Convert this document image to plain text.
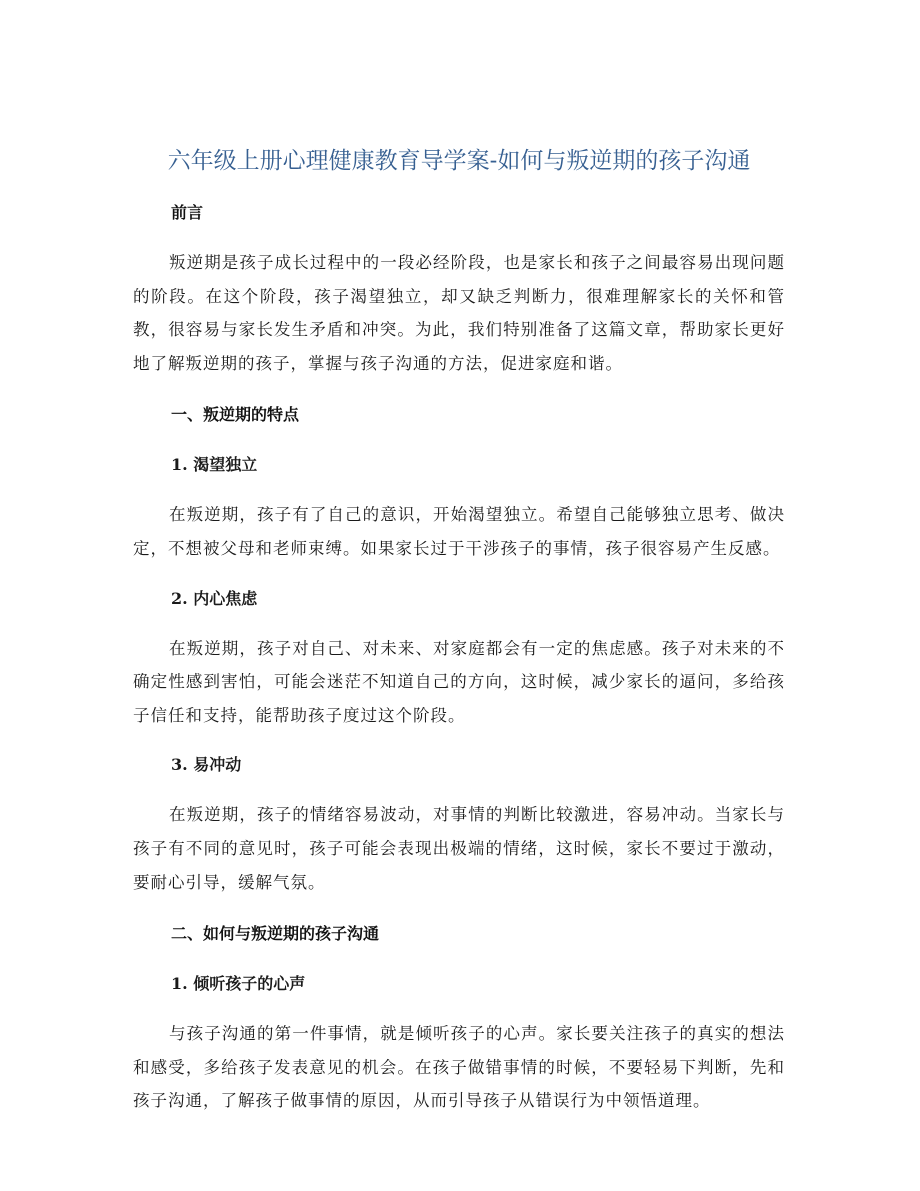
六年级上册心理健康教育导学案-如何与叛逆期的孩子沟通
前言

叛逆期是孩子成长过程中的一段必经阶段，也是家长和孩子之间最容易出现问题的阶段。在这个阶段，孩子渴望独立，却又缺乏判断力，很难理解家长的关怀和管教，很容易与家长发生矛盾和冲突。为此，我们特别准备了这篇文章，帮助家长更好地了解叛逆期的孩子，掌握与孩子沟通的方法，促进家庭和谐。

一、叛逆期的特点
1. 渴望独立

在叛逆期，孩子有了自己的意识，开始渴望独立。希望自己能够独立思考、做决定，不想被父母和老师束缚。如果家长过于干涉孩子的事情，孩子很容易产生反感。

2. 内心焦虑

在叛逆期，孩子对自己、对未来、对家庭都会有一定的焦虑感。孩子对未来的不确定性感到害怕，可能会迷茫不知道自己的方向，这时候，减少家长的逼问，多给孩子信任和支持，能帮助孩子度过这个阶段。

3. 易冲动

在叛逆期，孩子的情绪容易波动，对事情的判断比较激进，容易冲动。当家长与孩子有不同的意见时，孩子可能会表现出极端的情绪，这时候，家长不要过于激动，要耐心引导，缓解气氛。

二、如何与叛逆期的孩子沟通
1. 倾听孩子的心声

与孩子沟通的第一件事情，就是倾听孩子的心声。家长要关注孩子的真实的想法和感受，多给孩子发表意见的机会。在孩子做错事情的时候，不要轻易下判断，先和孩子沟通，了解孩子做事情的原因，从而引导孩子从错误行为中领悟道理。
